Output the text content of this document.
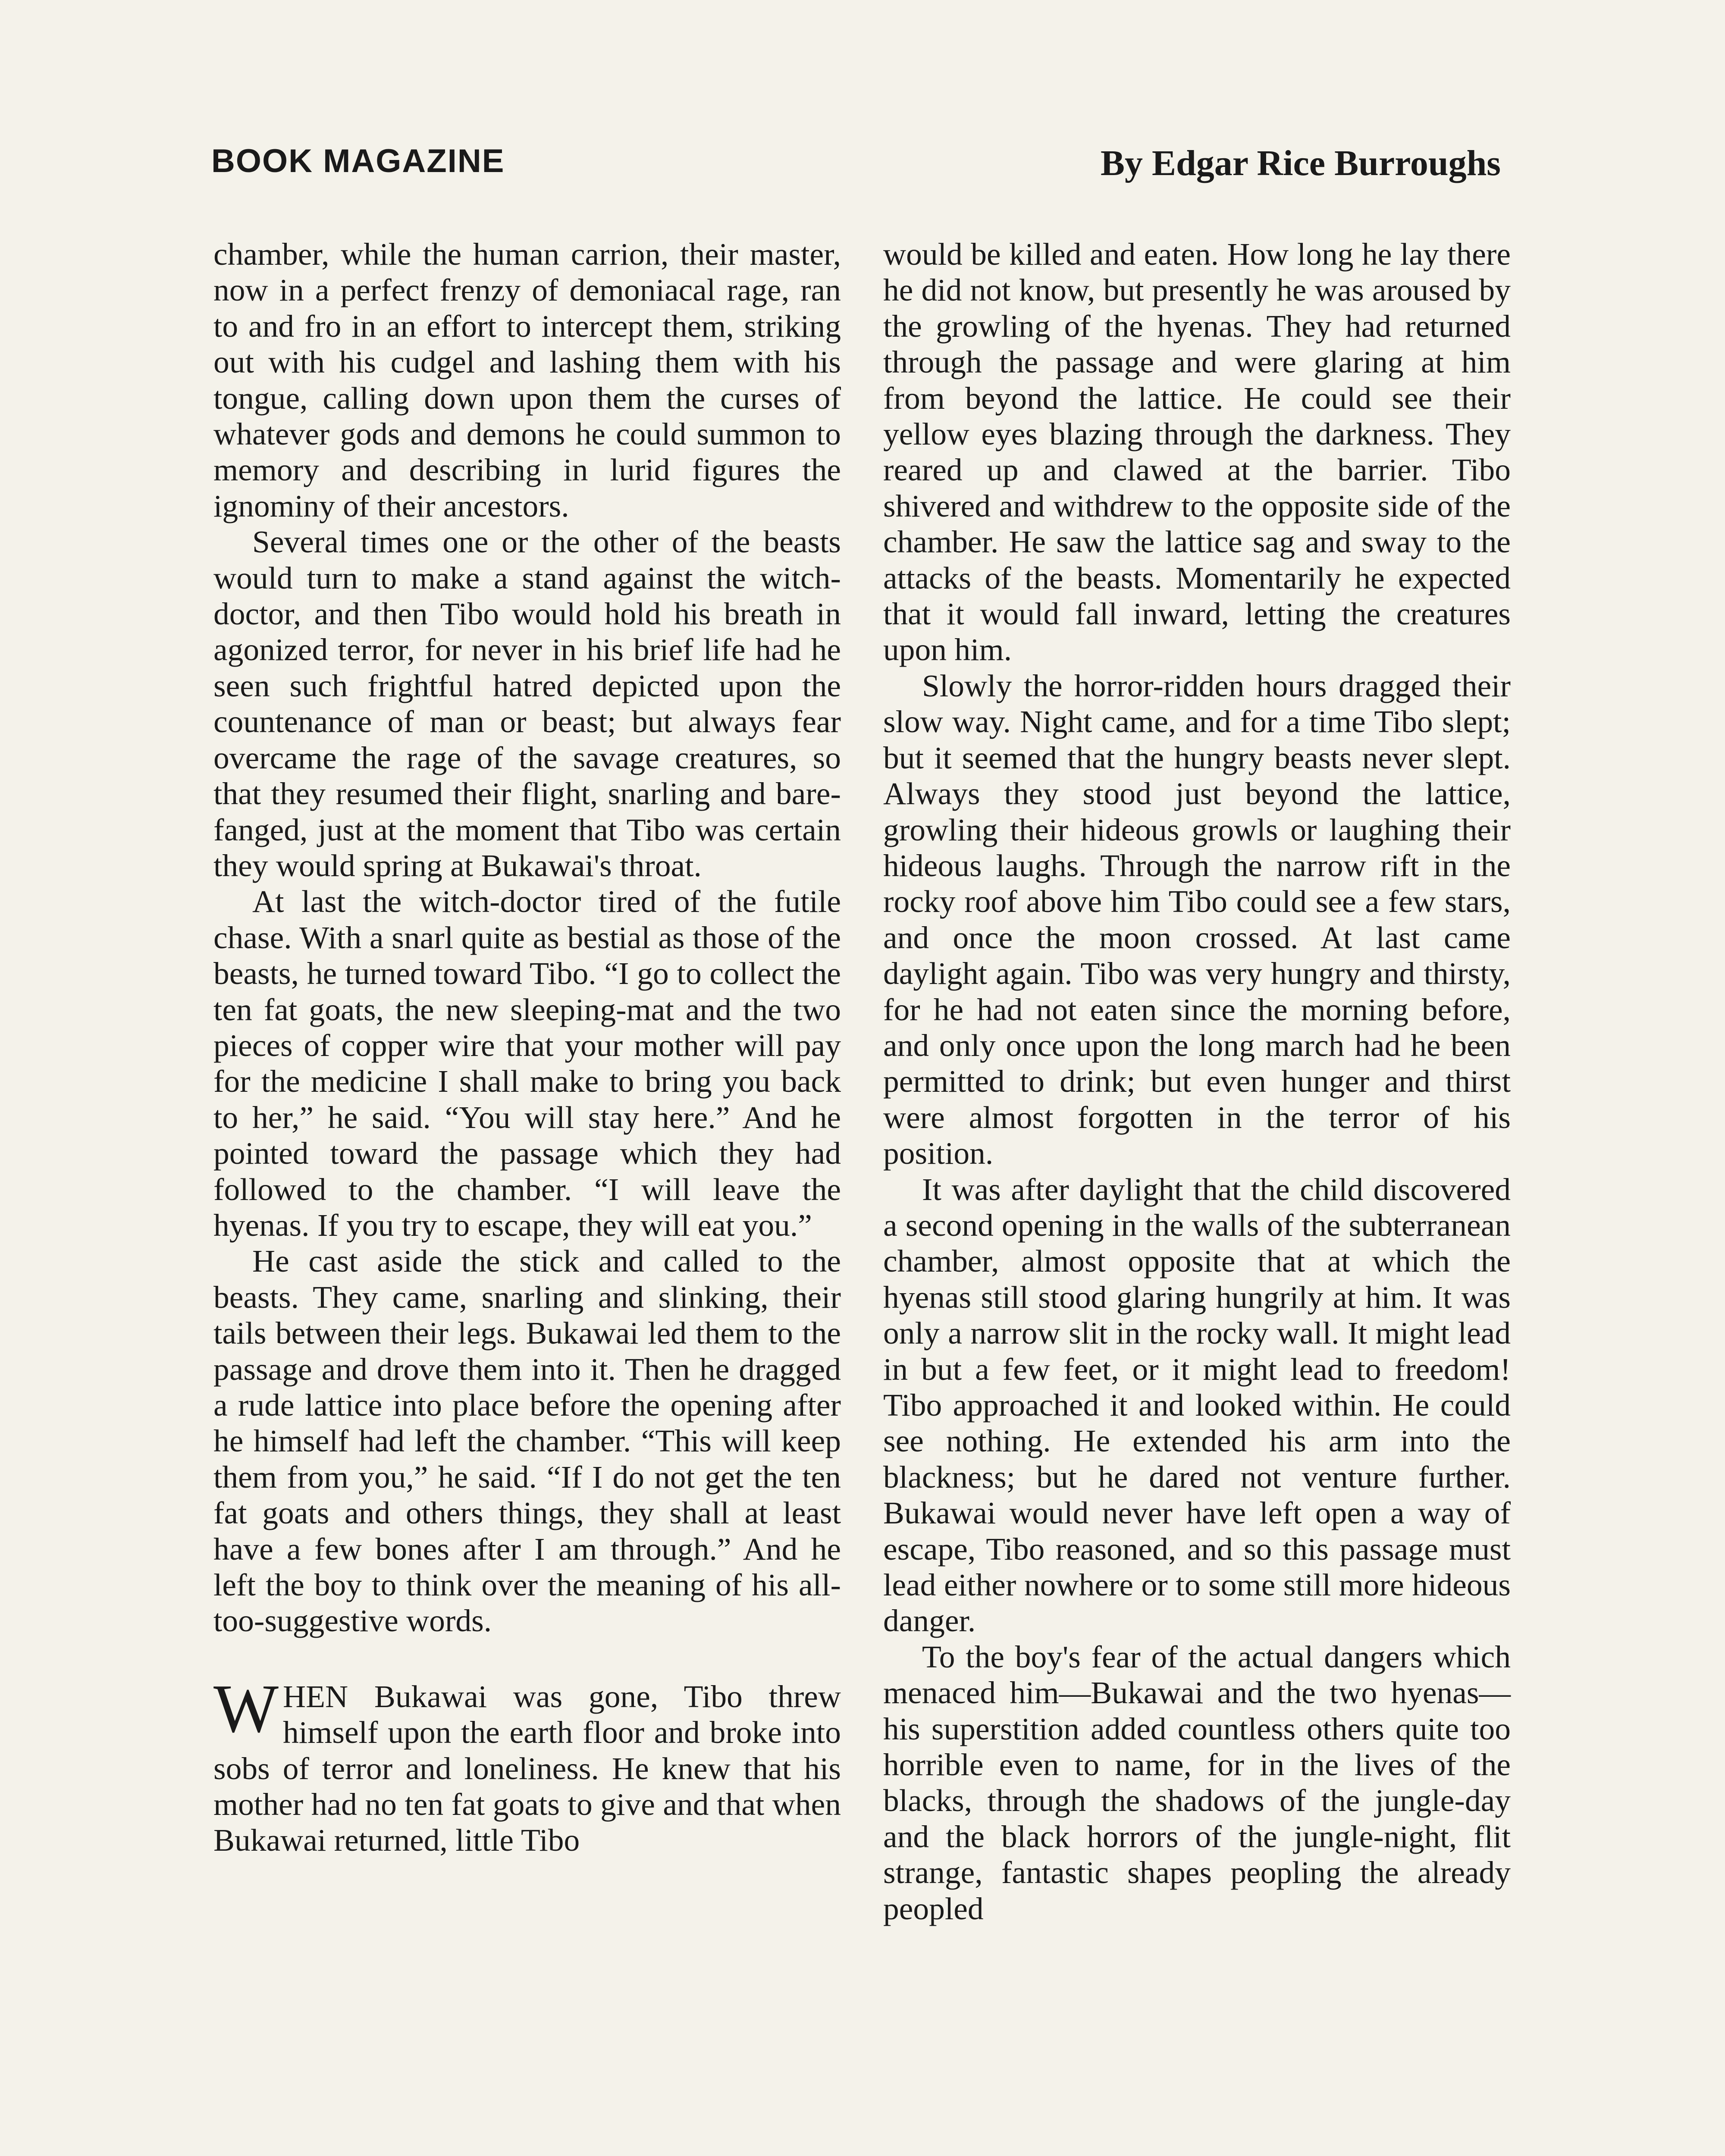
BOOK MAGAZINE	By Edgar Rice Burroughs

chamber, while the human carrion, their master, now in a perfect frenzy of demoniacal rage, ran to and fro in an effort to intercept them, striking out with his cudgel and lashing them with his tongue, calling down upon them the curses of whatever gods and demons he could summon to memory and describing in lurid figures the ignominy of their ancestors.

Several times one or the other of the beasts would turn to make a stand against the witch-doctor, and then Tibo would hold his breath in agonized terror, for never in his brief life had he seen such frightful hatred depicted upon the countenance of man or beast; but always fear overcame the rage of the savage creatures, so that they resumed their flight, snarling and bare-fanged, just at the moment that Tibo was certain they would spring at Bukawai's throat.

At last the witch-doctor tired of the futile chase. With a snarl quite as bestial as those of the beasts, he turned toward Tibo. “I go to collect the ten fat goats, the new sleeping-mat and the two pieces of copper wire that your mother will pay for the medicine I shall make to bring you back to her,” he said. “You will stay here.” And he pointed toward the passage which they had followed to the chamber. “I will leave the hyenas. If you try to escape, they will eat you.”

He cast aside the stick and called to the beasts. They came, snarling and slinking, their tails between their legs. Bukawai led them to the passage and drove them into it. Then he dragged a rude lattice into place before the opening after he himself had left the chamber. “This will keep them from you,” he said. “If I do not get the ten fat goats and others things, they shall at least have a few bones after I am through.” And he left the boy to think over the meaning of his all-too-suggestive words.

WHEN Bukawai was gone, Tibo threw himself upon the earth floor and broke into sobs of terror and loneliness. He knew that his mother had no ten fat goats to give and that when Bukawai returned, little Tibo

would be killed and eaten. How long he lay there he did not know, but presently he was aroused by the growling of the hyenas. They had returned through the passage and were glaring at him from beyond the lattice. He could see their yellow eyes blazing through the darkness. They reared up and clawed at the barrier. Tibo shivered and withdrew to the opposite side of the chamber. He saw the lattice sag and sway to the attacks of the beasts. Momentarily he expected that it would fall inward, letting the creatures upon him.

Slowly the horror-ridden hours dragged their slow way. Night came, and for a time Tibo slept; but it seemed that the hungry beasts never slept. Always they stood just beyond the lattice, growling their hideous growls or laughing their hideous laughs. Through the narrow rift in the rocky roof above him Tibo could see a few stars, and once the moon crossed. At last came daylight again. Tibo was very hungry and thirsty, for he had not eaten since the morning before, and only once upon the long march had he been permitted to drink; but even hunger and thirst were almost forgotten in the terror of his position.

It was after daylight that the child discovered a second opening in the walls of the subterranean chamber, almost opposite that at which the hyenas still stood glaring hungrily at him. It was only a narrow slit in the rocky wall. It might lead in but a few feet, or it might lead to freedom! Tibo approached it and looked within. He could see nothing. He extended his arm into the blackness; but he dared not venture further. Bukawai would never have left open a way of escape, Tibo reasoned, and so this passage must lead either nowhere or to some still more hideous danger.

To the boy's fear of the actual dangers which menaced him—Bukawai and the two hyenas—his superstition added countless others quite too horrible even to name, for in the lives of the blacks, through the shadows of the jungle-day and the black horrors of the jungle-night, flit strange, fantastic shapes peopling the already peopled
